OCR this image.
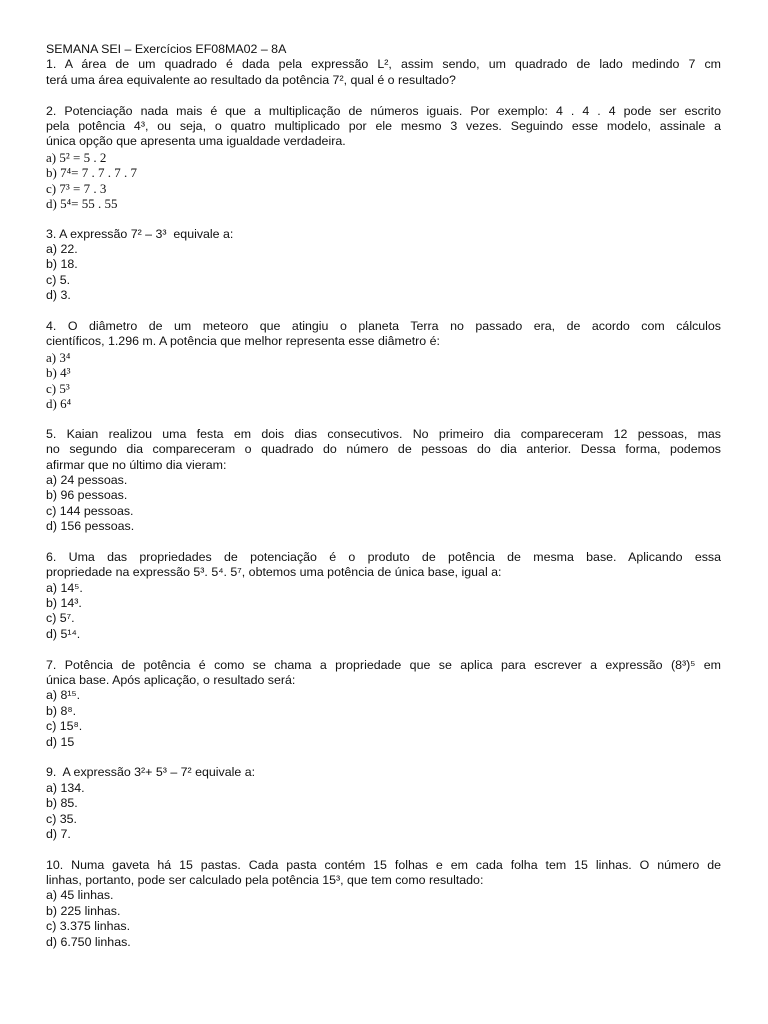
SEMANA SEI – Exercícios EF08MA02 – 8A
1. A área de um quadrado é dada pela expressão L², assim sendo, um quadrado de lado medindo 7 cm
terá uma área equivalente ao resultado da potência 7², qual é o resultado?
2. Potenciação nada mais é que a multiplicação de números iguais. Por exemplo: 4 . 4 . 4 pode ser escrito
pela potência 4³, ou seja, o quatro multiplicado por ele mesmo 3 vezes. Seguindo esse modelo, assinale a
única opção que apresenta uma igualdade verdadeira.
a) 5² = 5 . 2
b) 7⁴= 7 . 7 . 7 . 7
c) 7³ = 7 . 3
d) 5⁴= 55 . 55
3. A expressão 7² – 3³  equivale a:
a) 22.
b) 18.
c) 5.
d) 3.
4. O diâmetro de um meteoro que atingiu o planeta Terra no passado era, de acordo com cálculos
científicos, 1.296 m. A potência que melhor representa esse diâmetro é:
a) 3⁴
b) 4³
c) 5³
d) 6⁴
5. Kaian realizou uma festa em dois dias consecutivos. No primeiro dia compareceram 12 pessoas, mas
no segundo dia compareceram o quadrado do número de pessoas do dia anterior. Dessa forma, podemos
afirmar que no último dia vieram:
a) 24 pessoas.
b) 96 pessoas.
c) 144 pessoas.
d) 156 pessoas.
6. Uma das propriedades de potenciação é o produto de potência de mesma base. Aplicando essa
propriedade na expressão 5³. 5⁴. 5⁷, obtemos uma potência de única base, igual a:
a) 14⁵.
b) 14³.
c) 5⁷.
d) 5¹⁴.
7. Potência de potência é como se chama a propriedade que se aplica para escrever a expressão (8³)⁵ em
única base. Após aplicação, o resultado será:
a) 8¹⁵.
b) 8⁸.
c) 15⁸.
d) 15
9.  A expressão 3²+ 5³ – 7² equivale a:
a) 134.
b) 85.
c) 35.
d) 7.
10. Numa gaveta há 15 pastas. Cada pasta contém 15 folhas e em cada folha tem 15 linhas. O número de
linhas, portanto, pode ser calculado pela potência 15³, que tem como resultado:
a) 45 linhas.
b) 225 linhas.
c) 3.375 linhas.
d) 6.750 linhas.
